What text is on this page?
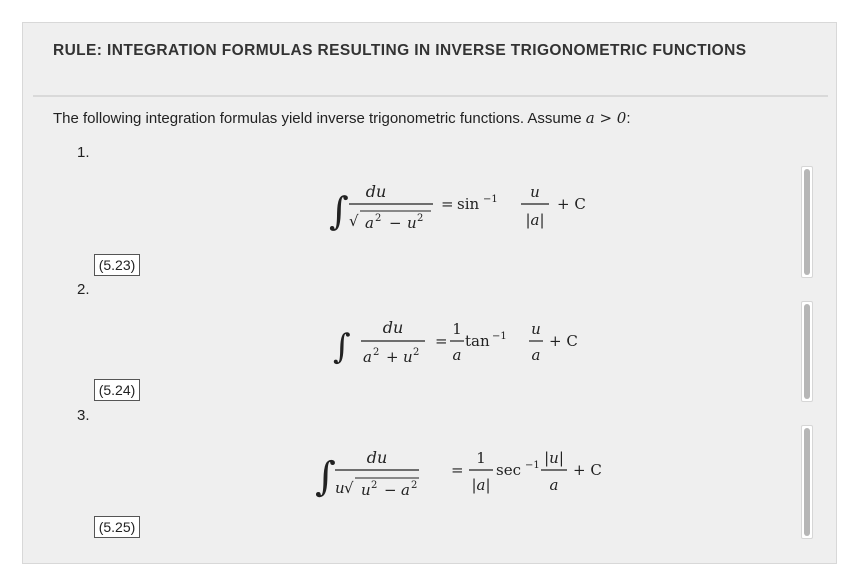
RULE: INTEGRATION FORMULAS RESULTING IN INVERSE TRIGONOMETRIC FUNCTIONS
The following integration formulas yield inverse trigonometric functions. Assume a > 0:
1.
∫ du
√ a 2 − u 2
= sin −1 u
|a|
+ C
(5.23)
2.
∫ du
a 2 + u 2
=
1
a
tan −1 u
a
+ C
(5.24)
3.
∫ du
u √ u 2 − a 2
=
1
|a|
sec −1 |u|
a
+ C
(5.25)
